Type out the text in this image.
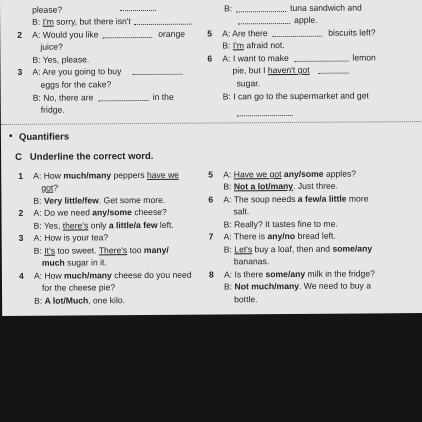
please?
B: I'm sorry, but there isn't
2 A: Would you like	orange
juice?
B: Yes, please.
3 A: Are you going to buy
eggs for the cake?
B: No, there are	in the
fridge.
B:	tuna sandwich and
apple.
5 A: Are there	biscuits left?
B: I'm afraid not.
6 A: I want to make	lemon
pie, but I haven't got
sugar.
B: I can go to the supermarket and get
• Quantifiers
C Underline the correct word.
1 A: How much/many peppers have we
got?
B: Very little/few. Get some more.
2 A: Do we need any/some cheese?
B: Yes, there's only a little/a few left.
3 A: How is your tea?
B: It's too sweet. There's too many/
much sugar in it.
4 A: How much/many cheese do you need
for the cheese pie?
B: A lot/Much, one kilo.
5 A: Have we got any/some apples?
B: Not a lot/many. Just three.
6 A: The soup needs a few/a little more
salt.
B: Really? It tastes fine to me.
7 A: There is any/no bread left.
B: Let's buy a loaf, then and some/any
bananas.
8 A: Is there some/any milk in the fridge?
B: Not much/many. We need to buy a
bottle.
